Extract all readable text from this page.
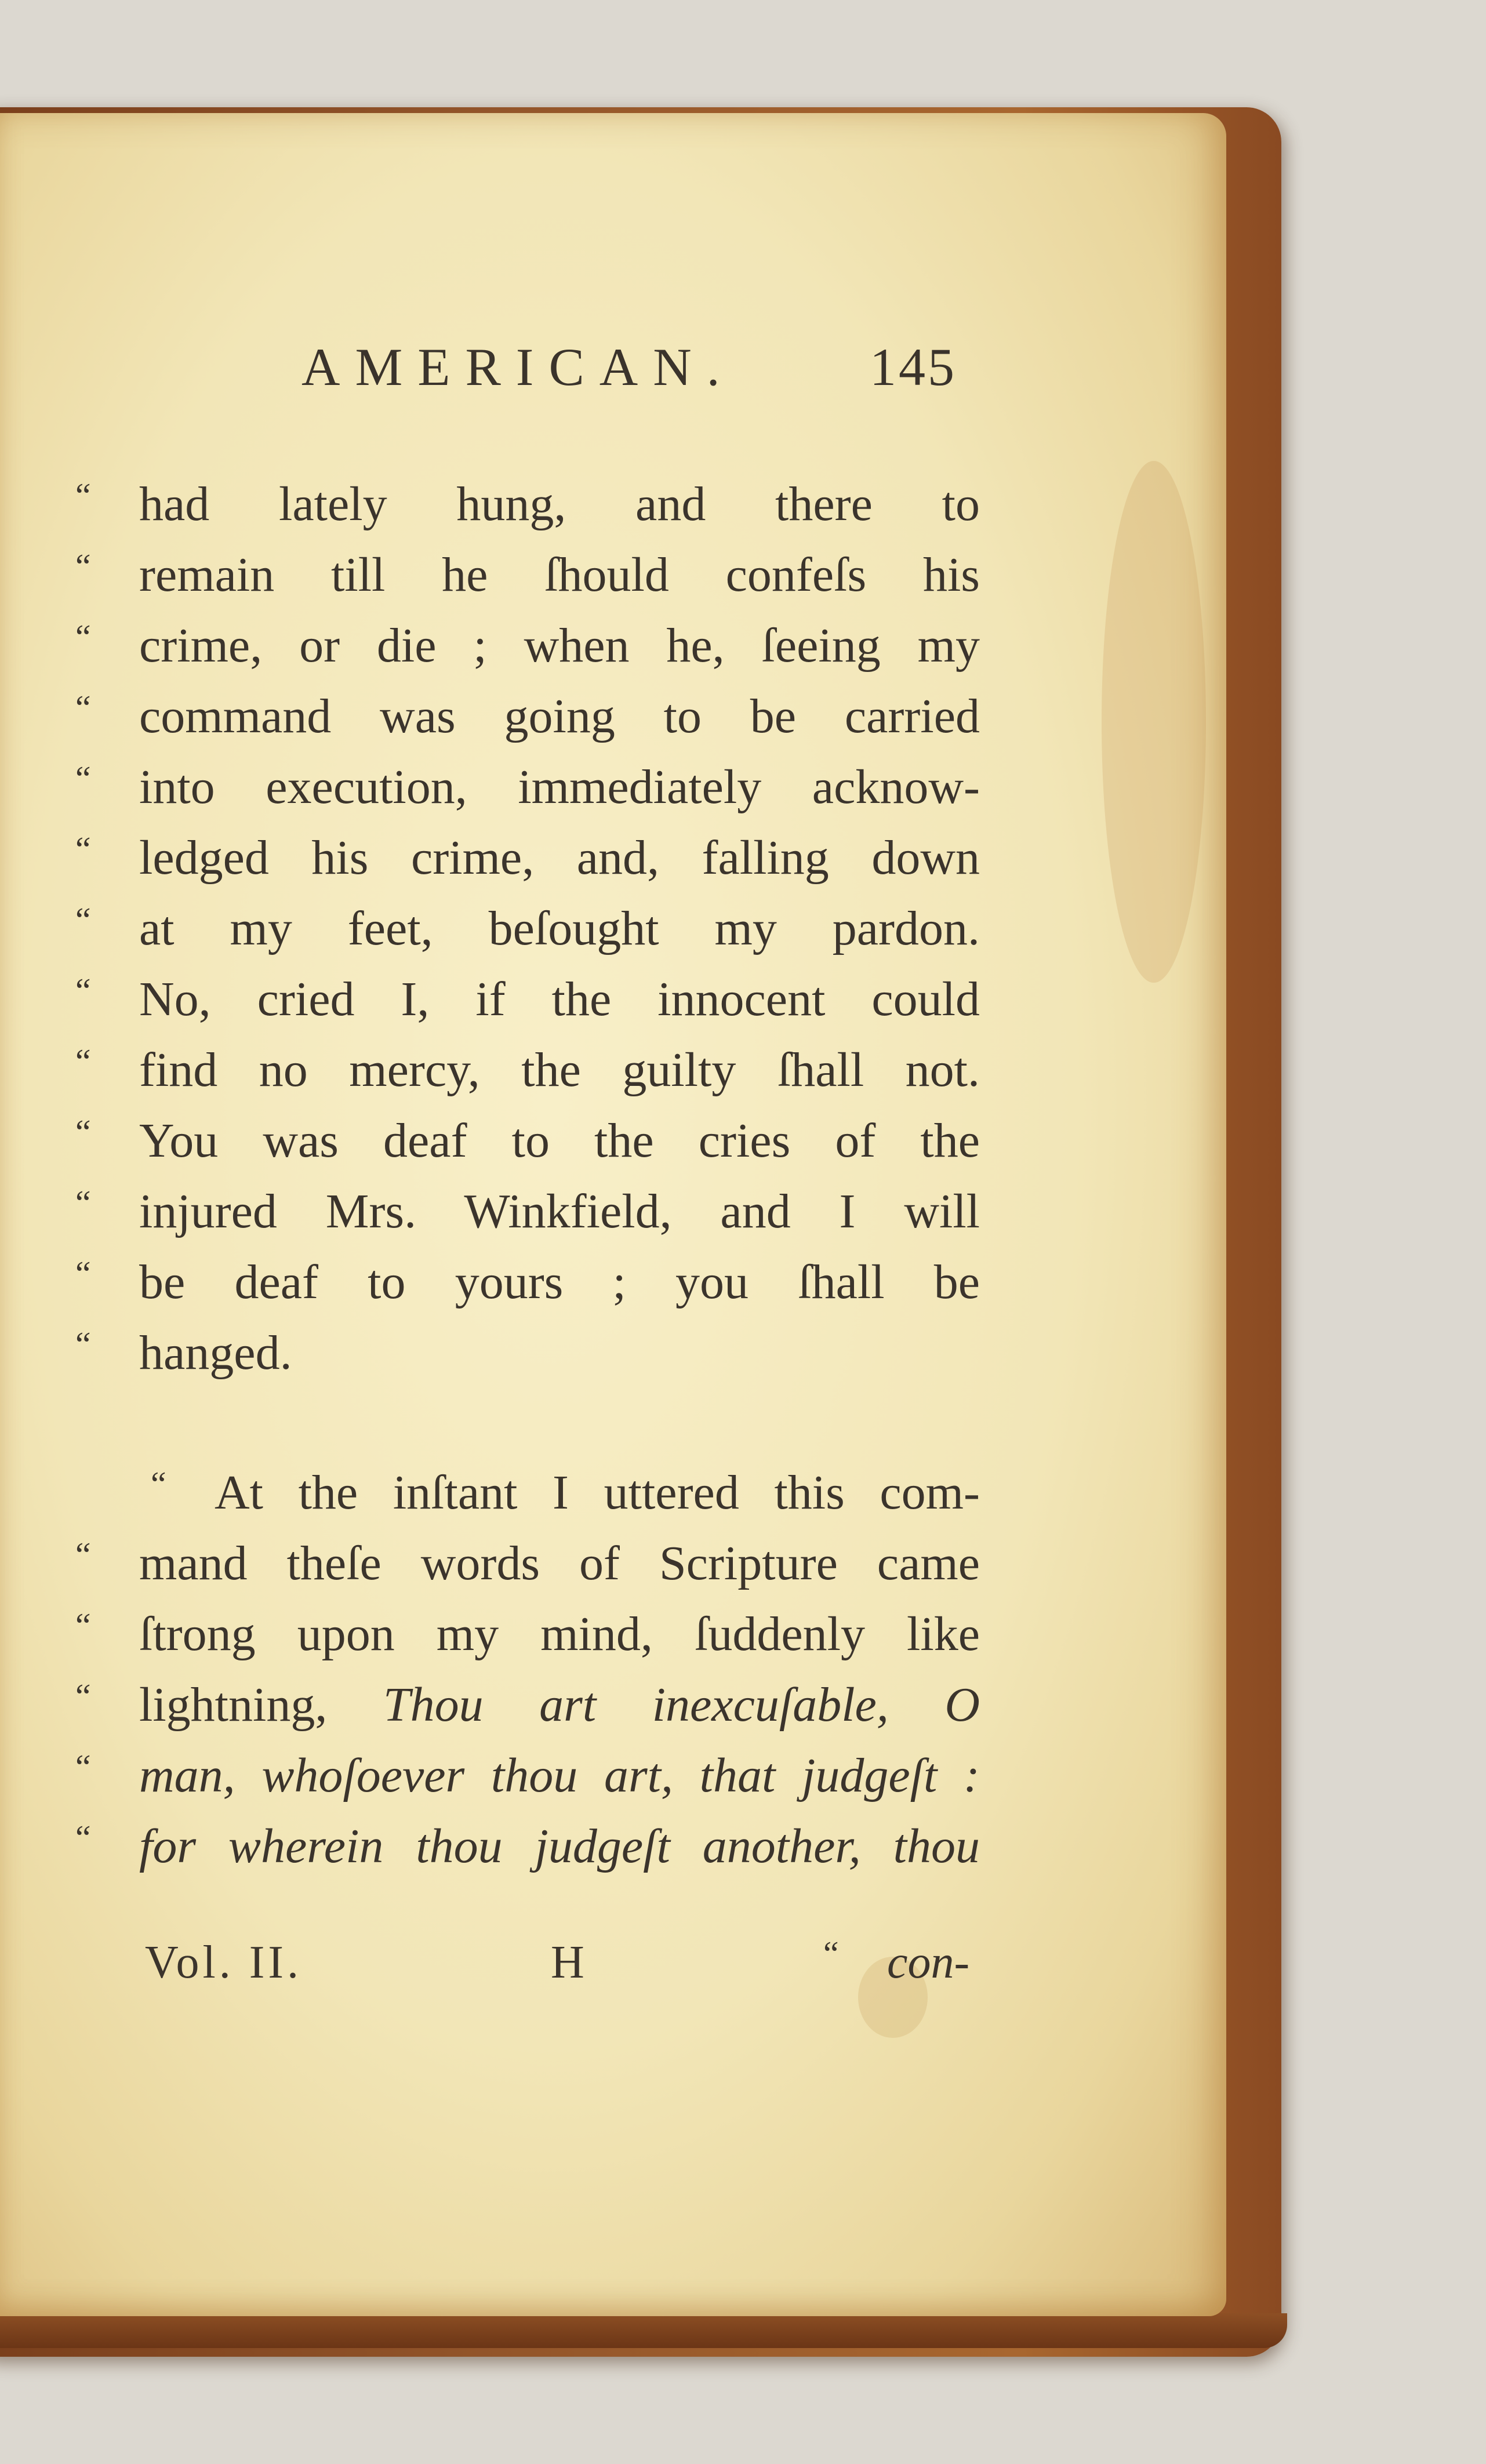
AMERICAN.	145
“ had lately hung, and there to
“ remain till he ſhould confeſs his
“ crime, or die ; when he, ſeeing my
“ command was going to be carried
“ into execution, immediately acknow-
“ ledged his crime, and, falling down
“ at my feet, beſought my pardon.
“ No, cried I, if the innocent could
“ find no mercy, the guilty ſhall not.
“ You was deaf to the cries of the
“ injured Mrs. Winkfield, and I will
“ be deaf to yours ; you ſhall be
“ hanged.
“ At the inſtant I uttered this com-
“ mand theſe words of Scripture came
“ ſtrong upon my mind, ſuddenly like
“ lightning, Thou art inexcuſable, O
“ man, whoſoever thou art, that judgeſt :
“ for wherein thou judgeſt another, thou
Vol. II.	H	“ con-
